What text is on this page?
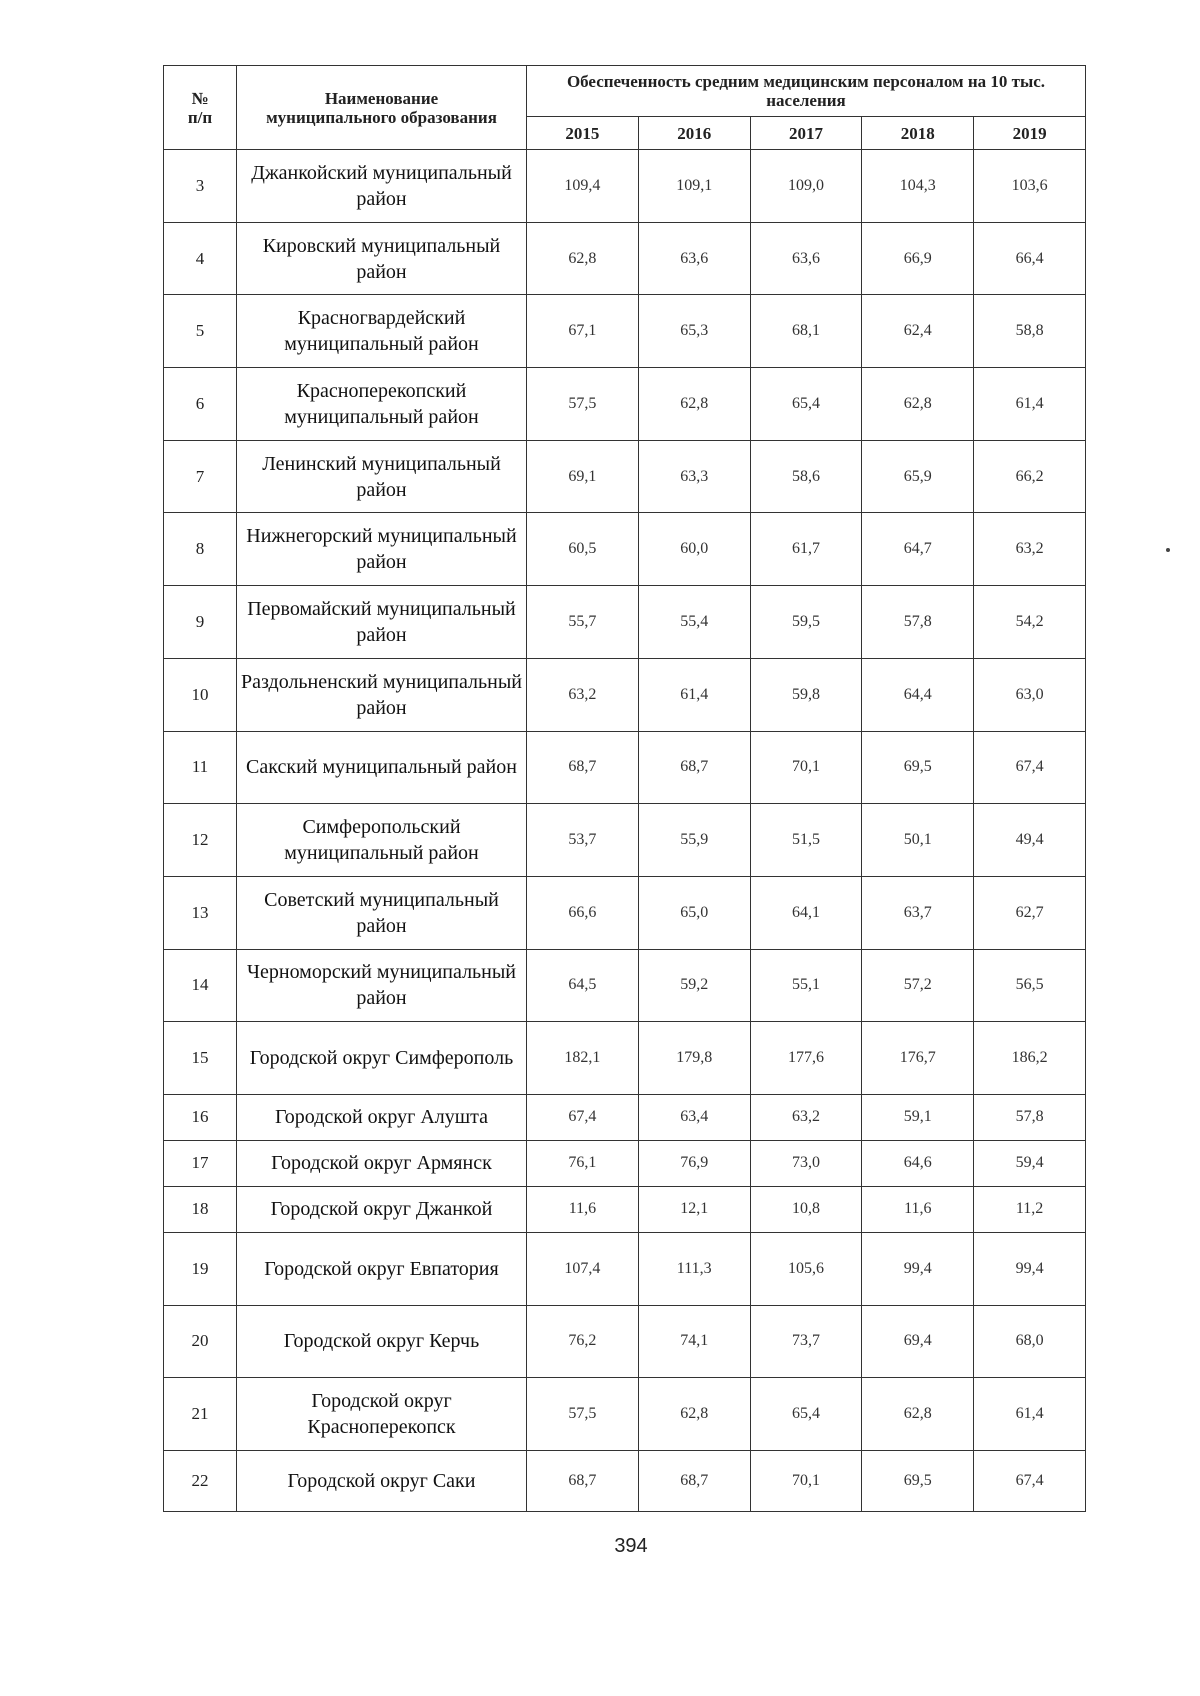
№
п/п	Наименование муниципального образования	Обеспеченность средним медицинским персоналом на 10 тыс. населения				
		2015	2016	2017	2018	2019
3	Джанкойский муниципальный район	109,4	109,1	109,0	104,3	103,6
4	Кировский муниципальный район	62,8	63,6	63,6	66,9	66,4
5	Красногвардейский муниципальный район	67,1	65,3	68,1	62,4	58,8
6	Красноперекопский муниципальный район	57,5	62,8	65,4	62,8	61,4
7	Ленинский муниципальный район	69,1	63,3	58,6	65,9	66,2
8	Нижнегорский муниципальный район	60,5	60,0	61,7	64,7	63,2
9	Первомайский муниципальный район	55,7	55,4	59,5	57,8	54,2
10	Раздольненский муниципальный район	63,2	61,4	59,8	64,4	63,0
11	Сакский муниципальный район	68,7	68,7	70,1	69,5	67,4
12	Симферопольский муниципальный район	53,7	55,9	51,5	50,1	49,4
13	Советский муниципальный район	66,6	65,0	64,1	63,7	62,7
14	Черноморский муниципальный район	64,5	59,2	55,1	57,2	56,5
15	Городской округ Симферополь	182,1	179,8	177,6	176,7	186,2
16	Городской округ Алушта	67,4	63,4	63,2	59,1	57,8
17	Городской округ Армянск	76,1	76,9	73,0	64,6	59,4
18	Городской округ Джанкой	11,6	12,1	10,8	11,6	11,2
19	Городской округ Евпатория	107,4	111,3	105,6	99,4	99,4
20	Городской округ Керчь	76,2	74,1	73,7	69,4	68,0
21	Городской округ Красноперекопск	57,5	62,8	65,4	62,8	61,4
22	Городской округ Саки	68,7	68,7	70,1	69,5	67,4
394
